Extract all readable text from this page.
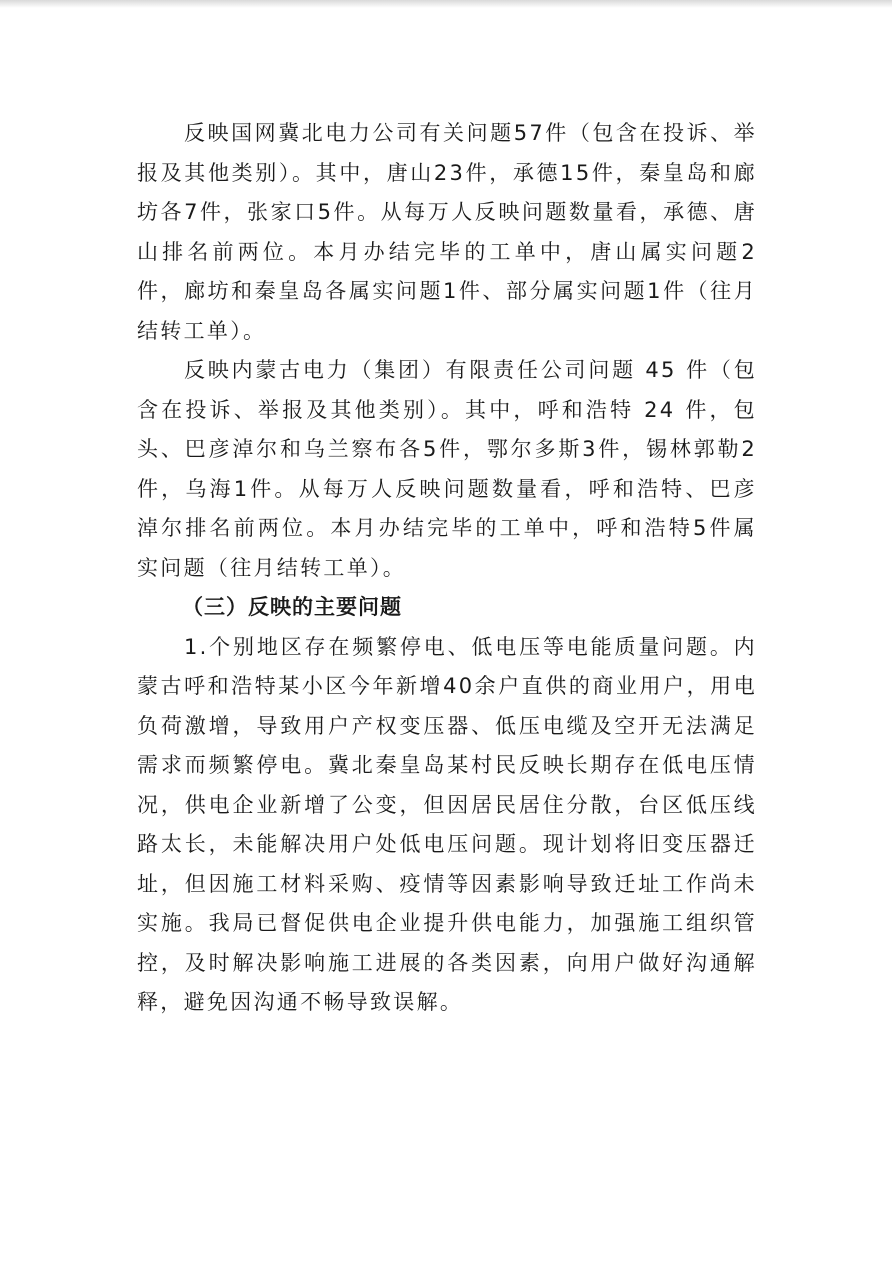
反映国网冀北电力公司有关问题57件（包含在投诉、举报及其他类别）。其中，唐山23件，承德15件，秦皇岛和廊坊各7件，张家口5件。从每万人反映问题数量看，承德、唐山排名前两位。本月办结完毕的工单中，唐山属实问题2件，廊坊和秦皇岛各属实问题1件、部分属实问题1件（往月结转工单）。

反映内蒙古电力（集团）有限责任公司问题 45 件（包含在投诉、举报及其他类别）。其中，呼和浩特 24 件，包头、巴彦淖尔和乌兰察布各5件，鄂尔多斯3件，锡林郭勒2件，乌海1件。从每万人反映问题数量看，呼和浩特、巴彦淖尔排名前两位。本月办结完毕的工单中，呼和浩特5件属实问题（往月结转工单）。

（三）反映的主要问题

1.个别地区存在频繁停电、低电压等电能质量问题。内蒙古呼和浩特某小区今年新增40余户直供的商业用户，用电负荷激增，导致用户产权变压器、低压电缆及空开无法满足需求而频繁停电。冀北秦皇岛某村民反映长期存在低电压情况，供电企业新增了公变，但因居民居住分散，台区低压线路太长，未能解决用户处低电压问题。现计划将旧变压器迁址，但因施工材料采购、疫情等因素影响导致迁址工作尚未实施。我局已督促供电企业提升供电能力，加强施工组织管控，及时解决影响施工进展的各类因素，向用户做好沟通解释，避免因沟通不畅导致误解。
